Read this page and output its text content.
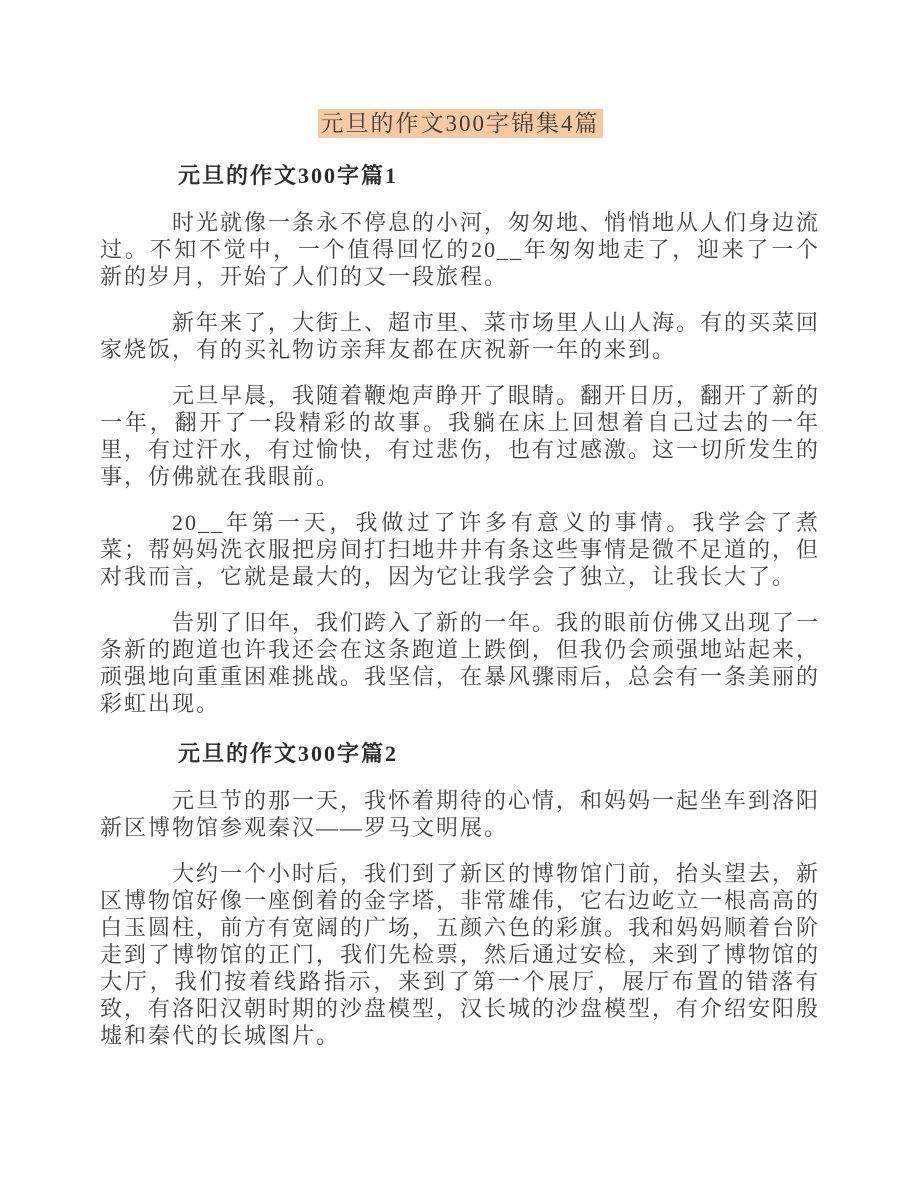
元旦的作文300字锦集4篇
元旦的作文300字篇1

时光就像一条永不停息的小河，匆匆地、悄悄地从人们身边流过。不知不觉中，一个值得回忆的20__年匆匆地走了，迎来了一个新的岁月，开始了人们的又一段旅程。

新年来了，大街上、超市里、菜市场里人山人海。有的买菜回家烧饭，有的买礼物访亲拜友都在庆祝新一年的来到。

元旦早晨，我随着鞭炮声睁开了眼睛。翻开日历，翻开了新的一年，翻开了一段精彩的故事。我躺在床上回想着自己过去的一年里，有过汗水，有过愉快，有过悲伤，也有过感激。这一切所发生的事，仿佛就在我眼前。

20__年第一天，我做过了许多有意义的事情。我学会了煮菜；帮妈妈洗衣服把房间打扫地井井有条这些事情是微不足道的，但对我而言，它就是最大的，因为它让我学会了独立，让我长大了。

告别了旧年，我们跨入了新的一年。我的眼前仿佛又出现了一条新的跑道也许我还会在这条跑道上跌倒，但我仍会顽强地站起来，顽强地向重重困难挑战。我坚信，在暴风骤雨后，总会有一条美丽的彩虹出现。

元旦的作文300字篇2

元旦节的那一天，我怀着期待的心情，和妈妈一起坐车到洛阳新区博物馆参观秦汉——罗马文明展。

大约一个小时后，我们到了新区的博物馆门前，抬头望去，新区博物馆好像一座倒着的金字塔，非常雄伟，它右边屹立一根高高的白玉圆柱，前方有宽阔的广场，五颜六色的彩旗。我和妈妈顺着台阶走到了博物馆的正门，我们先检票，然后通过安检，来到了博物馆的大厅，我们按着线路指示，来到了第一个展厅，展厅布置的错落有致，有洛阳汉朝时期的沙盘模型，汉长城的沙盘模型，有介绍安阳殷墟和秦代的长城图片。
